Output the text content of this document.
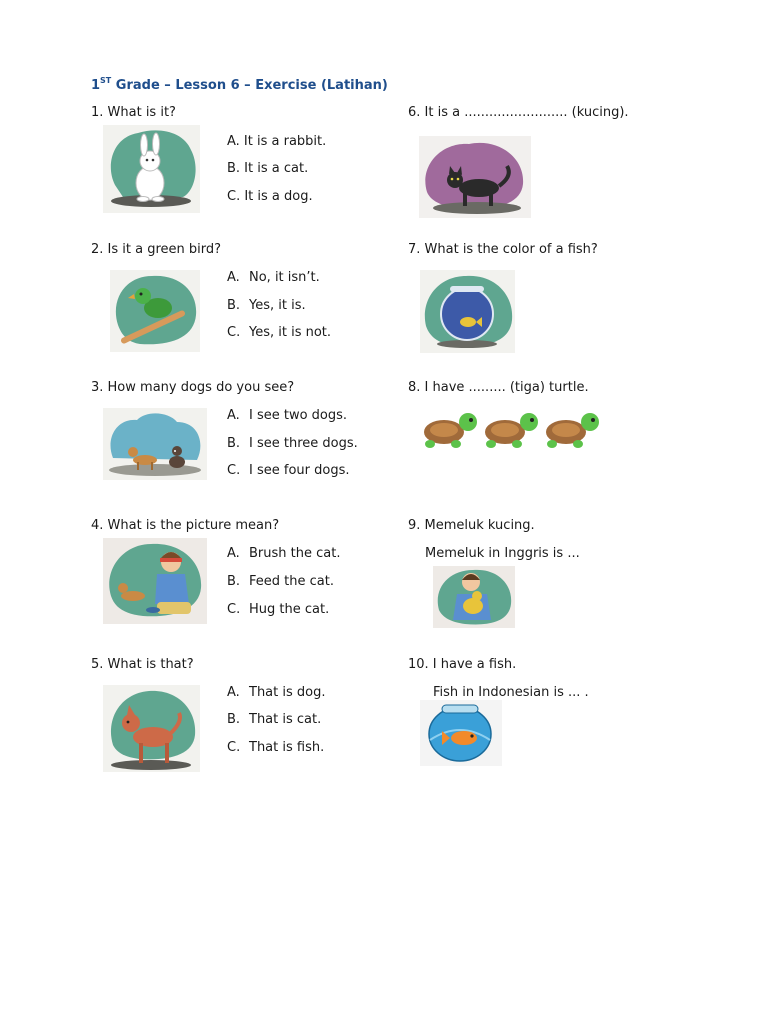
1ST Grade – Lesson 6 – Exercise (Latihan)
1. What is it?
A. It is a rabbit.
B. It is a cat.
C. It is a dog.
2. Is it a green bird?
A. No, it isn’t.
B. Yes, it is.
C. Yes, it is not.
3. How many dogs do you see?
A. I see two dogs.
B. I see three dogs.
C. I see four dogs.
4. What is the picture mean?
A. Brush the cat.
B. Feed the cat.
C. Hug the cat.
5. What is that?
A. That is dog.
B. That is cat.
C. That is fish.
6. It is a ......................... (kucing).
7. What is the color of a fish?
8. I have ......... (tiga) turtle.
9. Memeluk kucing.
Memeluk in Inggris is ...
10. I have a fish.
Fish in Indonesian is ... .
